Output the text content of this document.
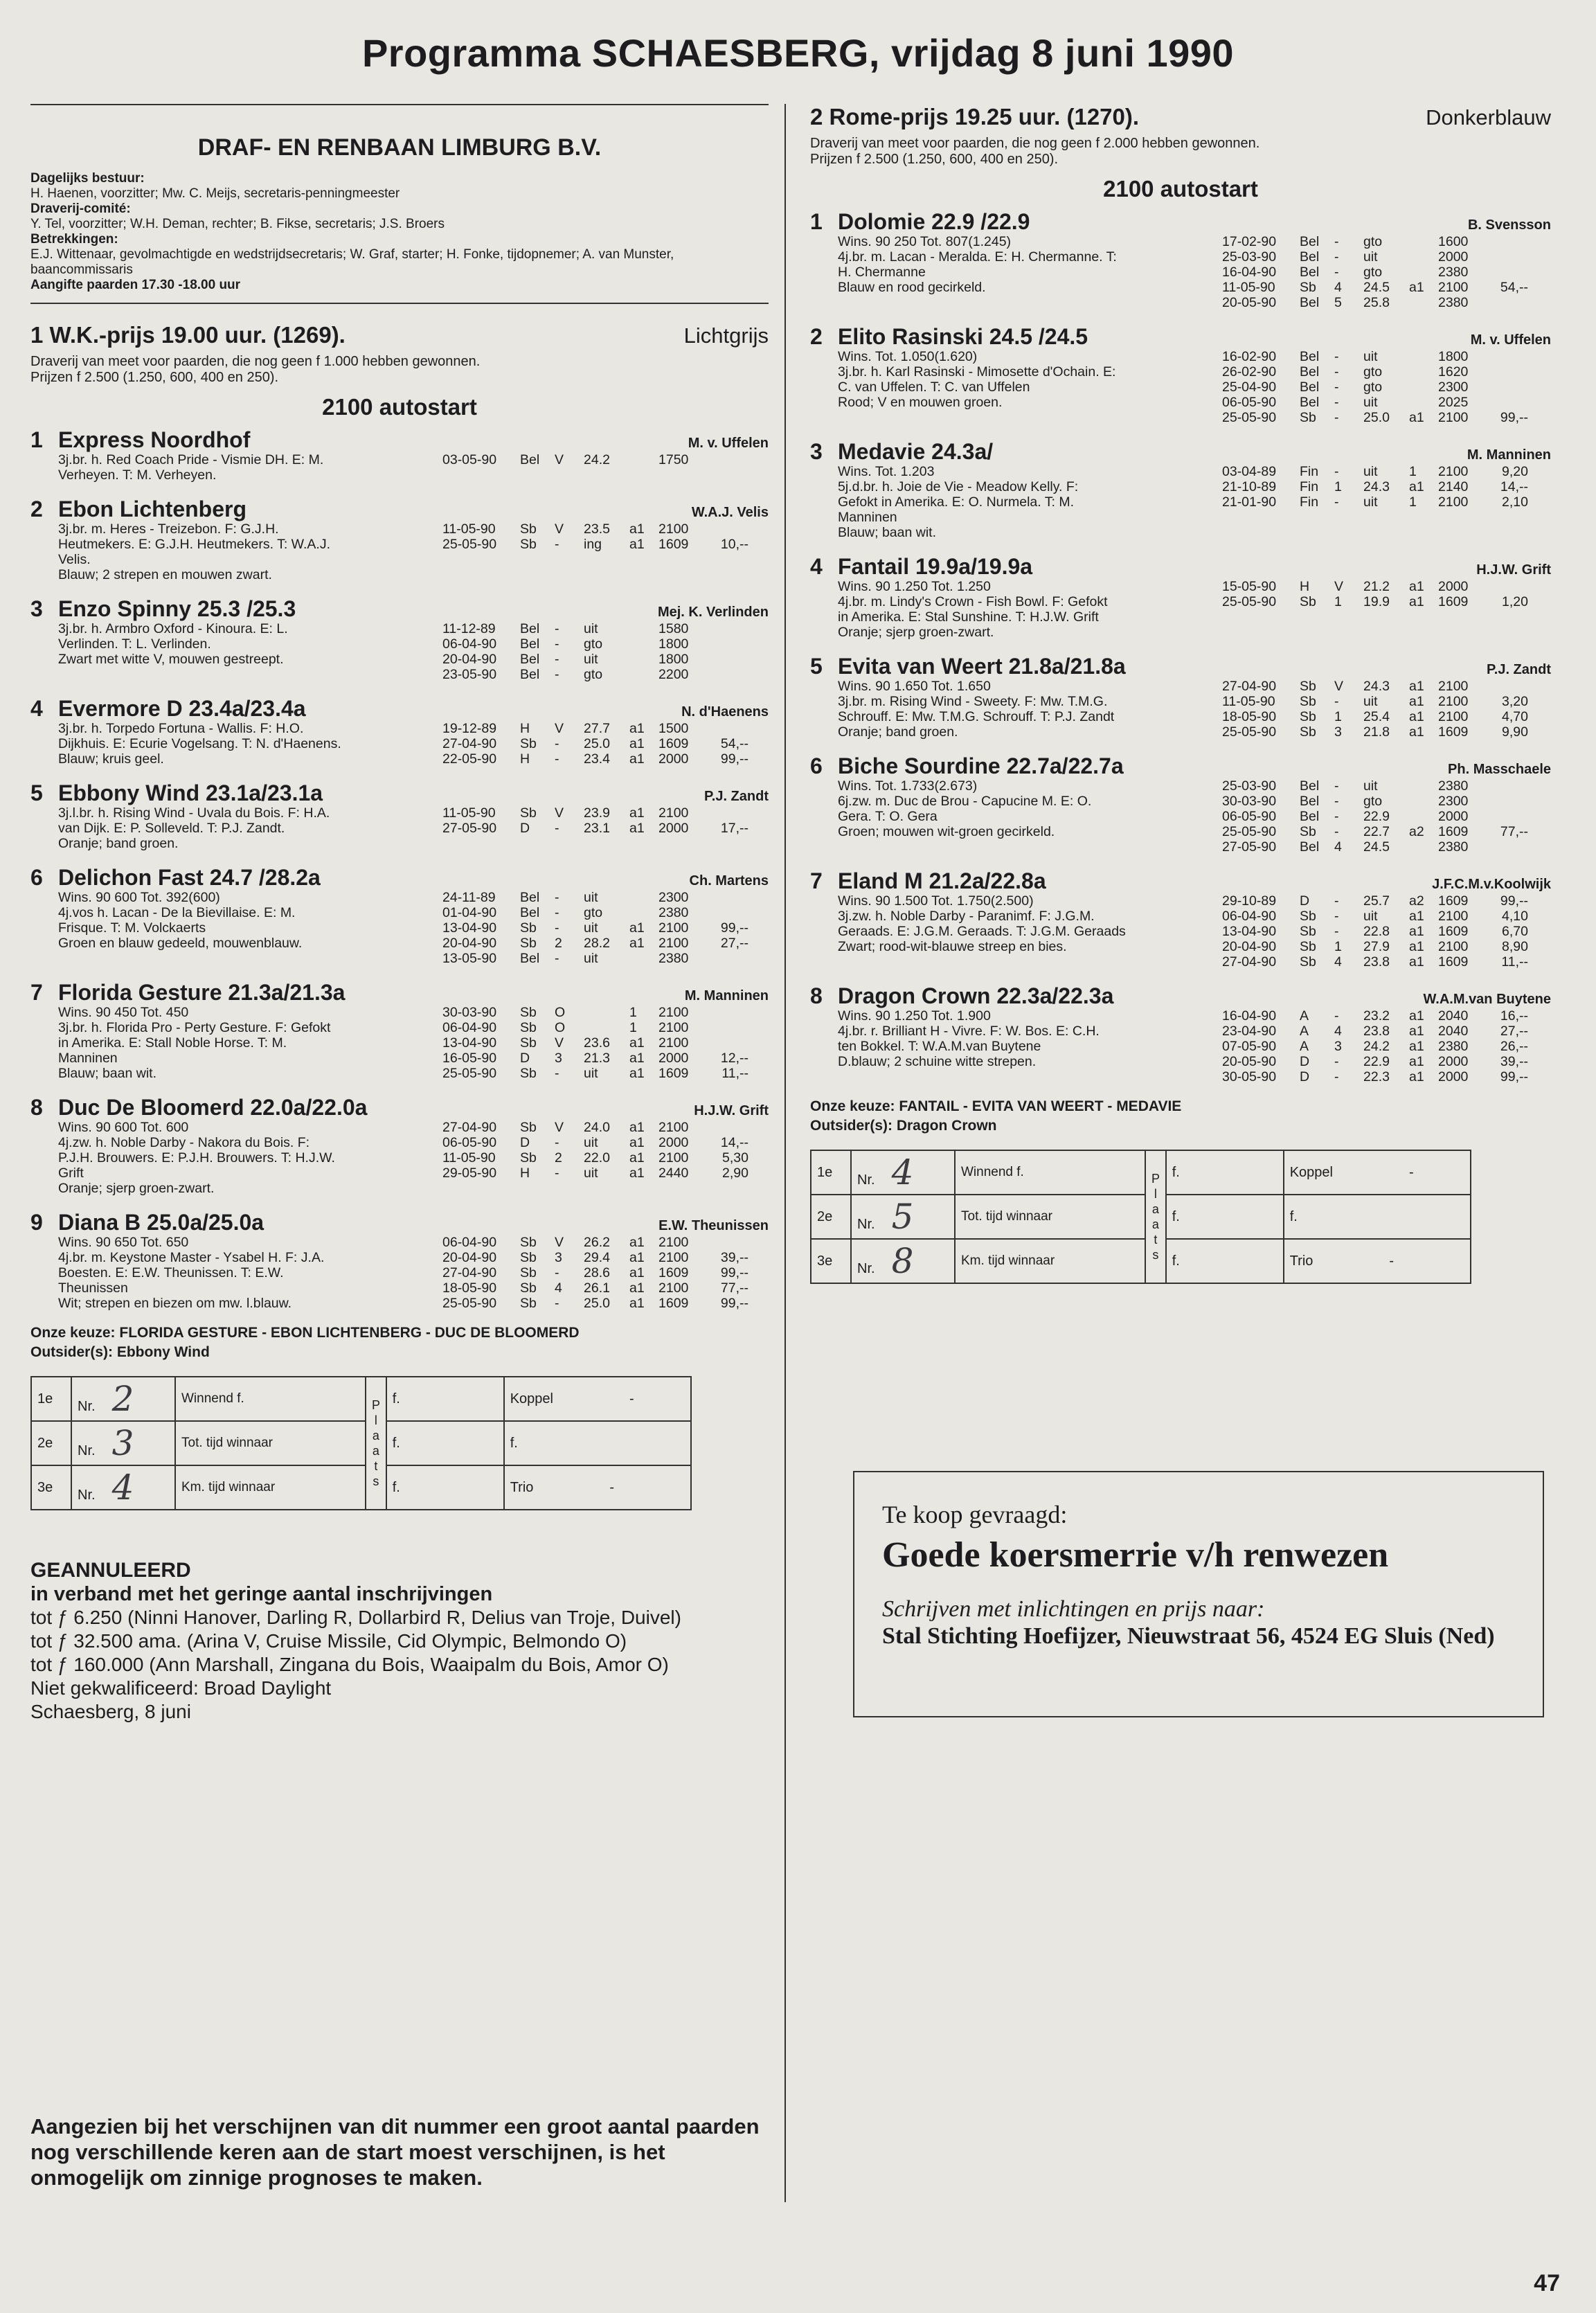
Programma SCHAESBERG, vrijdag 8 juni 1990
DRAF- EN RENBAAN LIMBURG B.V.
Dagelijks bestuur:
H. Haenen, voorzitter; Mw. C. Meijs, secretaris-penningmeester
Draverij-comité:
Y. Tel, voorzitter; W.H. Deman, rechter; B. Fikse, secretaris; J.S. Broers
Betrekkingen:
E.J. Wittenaar, gevolmachtigde en wedstrijdsecretaris; W. Graf, starter; H. Fonke, tijdopnemer; A. van Munster, baancommissaris
Aangifte paarden 17.30 -18.00 uur
1 W.K.-prijs 19.00 uur. (1269).	Lichtgrijs
Draverij van meet voor paarden, die nog geen f 1.000 hebben gewonnen.
Prijzen f 2.500 (1.250, 600, 400 en 250).
2100 autostart
1 Express Noordhof	M. v. Uffelen
3j.br. h. Red Coach Pride - Vismie DH. E: M.
Verheyen. T: M. Verheyen.
03-05-90	Bel	V	24.2	1750
2 Ebon Lichtenberg	W.A.J. Velis
3j.br. m. Heres - Treizebon. F: G.J.H.
Heutmekers. E: G.J.H. Heutmekers. T: W.A.J.
Velis.
Blauw; 2 strepen en mouwen zwart.
11-05-90	Sb	V	23.5	a1	2100
25-05-90	Sb	-	ing	a1	1609	10,--
3 Enzo Spinny 25.3 /25.3	Mej. K. Verlinden
3j.br. h. Armbro Oxford - Kinoura. E: L.
Verlinden. T: L. Verlinden.
Zwart met witte V, mouwen gestreept.
11-12-89	Bel	-	uit	1580
06-04-90	Bel	-	gto	1800
20-04-90	Bel	-	uit	1800
23-05-90	Bel	-	gto	2200
4 Evermore D 23.4a/23.4a	N. d'Haenens
3j.br. h. Torpedo Fortuna - Wallis. F: H.O.
Dijkhuis. E: Ecurie Vogelsang. T: N. d'Haenens.
Blauw; kruis geel.
19-12-89	H	V	27.7	a1	1500
27-04-90	Sb	-	25.0	a1	1609	54,--
22-05-90	H	-	23.4	a1	2000	99,--
5 Ebbony Wind 23.1a/23.1a	P.J. Zandt
3j.l.br. h. Rising Wind - Uvala du Bois. F: H.A.
van Dijk. E: P. Solleveld. T: P.J. Zandt.
Oranje; band groen.
11-05-90	Sb	V	23.9	a1	2100
27-05-90	D	-	23.1	a1	2000	17,--
6 Delichon Fast 24.7 /28.2a	Ch. Martens
Wins. 90 600 Tot. 392(600)
4j.vos h. Lacan - De la Bievillaise. E: M.
Frisque. T: M. Volckaerts
Groen en blauw gedeeld, mouwenblauw.
24-11-89	Bel	-	uit	2300
01-04-90	Bel	-	gto	2380
13-04-90	Sb	-	uit	a1	2100	99,--
20-04-90	Sb	2	28.2	a1	2100	27,--
13-05-90	Bel	-	uit	2380
7 Florida Gesture 21.3a/21.3a	M. Manninen
Wins. 90 450 Tot. 450
3j.br. h. Florida Pro - Perty Gesture. F: Gefokt
in Amerika. E: Stall Noble Horse. T: M.
Manninen
Blauw; baan wit.
30-03-90	Sb	O	1	2100
06-04-90	Sb	O	1	2100
13-04-90	Sb	V	23.6	a1	2100
16-05-90	D	3	21.3	a1	2000	12,--
25-05-90	Sb	-	uit	a1	1609	11,--
8 Duc De Bloomerd 22.0a/22.0a	H.J.W. Grift
Wins. 90 600 Tot. 600
4j.zw. h. Noble Darby - Nakora du Bois. F:
P.J.H. Brouwers. E: P.J.H. Brouwers. T: H.J.W.
Grift
Oranje; sjerp groen-zwart.
27-04-90	Sb	V	24.0	a1	2100
06-05-90	D	-	uit	a1	2000	14,--
11-05-90	Sb	2	22.0	a1	2100	5,30
29-05-90	H	-	uit	a1	2440	2,90
9 Diana B 25.0a/25.0a	E.W. Theunissen
Wins. 90 650 Tot. 650
4j.br. m. Keystone Master - Ysabel H. F: J.A.
Boesten. E: E.W. Theunissen. T: E.W.
Theunissen
Wit; strepen en biezen om mw. l.blauw.
06-04-90	Sb	V	26.2	a1	2100
20-04-90	Sb	3	29.4	a1	2100	39,--
27-04-90	Sb	-	28.6	a1	1609	99,--
18-05-90	Sb	4	26.1	a1	2100	77,--
25-05-90	Sb	-	25.0	a1	1609	99,--
Onze keuze: FLORIDA GESTURE - EBON LICHTENBERG - DUC DE BLOOMERD
Outsider(s): Ebbony Wind
1e	Nr. 2	Winnend f.	P l a a t s	f.	Koppel -
2e	Nr. 3	Tot. tijd winnaar		f.	f.
3e	Nr. 4	Km. tijd winnaar		f.	Trio -
GEANNULEERD
in verband met het geringe aantal inschrijvingen
tot ƒ 6.250 (Ninni Hanover, Darling R, Dollarbird R, Delius van Troje, Duivel)
tot ƒ 32.500 ama. (Arina V, Cruise Missile, Cid Olympic, Belmondo O)
tot ƒ 160.000 (Ann Marshall, Zingana du Bois, Waaipalm du Bois, Amor O)
Niet gekwalificeerd: Broad Daylight
Schaesberg, 8 juni
Aangezien bij het verschijnen van dit nummer een groot aantal paarden nog verschillende keren aan de start moest verschijnen, is het onmogelijk om zinnige prognoses te maken.
2 Rome-prijs 19.25 uur. (1270).	Donkerblauw
Draverij van meet voor paarden, die nog geen f 2.000 hebben gewonnen.
Prijzen f 2.500 (1.250, 600, 400 en 250).
2100 autostart
1 Dolomie 22.9 /22.9	B. Svensson
Wins. 90 250 Tot. 807(1.245)
4j.br. m. Lacan - Meralda. E: H. Chermanne. T:
H. Chermanne
Blauw en rood gecirkeld.
17-02-90	Bel	-	gto	1600
25-03-90	Bel	-	uit	2000
16-04-90	Bel	-	gto	2380
11-05-90	Sb	4	24.5	a1	2100	54,--
20-05-90	Bel	5	25.8	2380
2 Elito Rasinski 24.5 /24.5	M. v. Uffelen
Wins. Tot. 1.050(1.620)
3j.br. h. Karl Rasinski - Mimosette d'Ochain. E:
C. van Uffelen. T: C. van Uffelen
Rood; V en mouwen groen.
16-02-90	Bel	-	uit	1800
26-02-90	Bel	-	gto	1620
25-04-90	Bel	-	gto	2300
06-05-90	Bel	-	uit	2025
25-05-90	Sb	-	25.0	a1	2100	99,--
3 Medavie 24.3a/	M. Manninen
Wins. Tot. 1.203
5j.d.br. h. Joie de Vie - Meadow Kelly. F:
Gefokt in Amerika. E: O. Nurmela. T: M.
Manninen
Blauw; baan wit.
03-04-89	Fin	-	uit	1	2100	9,20
21-10-89	Fin	1	24.3	a1	2140	14,--
21-01-90	Fin	-	uit	1	2100	2,10
4 Fantail 19.9a/19.9a	H.J.W. Grift
Wins. 90 1.250 Tot. 1.250
4j.br. m. Lindy's Crown - Fish Bowl. F: Gefokt
in Amerika. E: Stal Sunshine. T: H.J.W. Grift
Oranje; sjerp groen-zwart.
15-05-90	H	V	21.2	a1	2000
25-05-90	Sb	1	19.9	a1	1609	1,20
5 Evita van Weert 21.8a/21.8a	P.J. Zandt
Wins. 90 1.650 Tot. 1.650
3j.br. m. Rising Wind - Sweety. F: Mw. T.M.G.
Schrouff. E: Mw. T.M.G. Schrouff. T: P.J. Zandt
Oranje; band groen.
27-04-90	Sb	V	24.3	a1	2100
11-05-90	Sb	-	uit	a1	2100	3,20
18-05-90	Sb	1	25.4	a1	2100	4,70
25-05-90	Sb	3	21.8	a1	1609	9,90
6 Biche Sourdine 22.7a/22.7a	Ph. Masschaele
Wins. Tot. 1.733(2.673)
6j.zw. m. Duc de Brou - Capucine M. E: O.
Gera. T: O. Gera
Groen; mouwen wit-groen gecirkeld.
25-03-90	Bel	-	uit	2380
30-03-90	Bel	-	gto	2300
06-05-90	Bel	-	22.9	2000
25-05-90	Sb	-	22.7	a2	1609	77,--
27-05-90	Bel	4	24.5	2380
7 Eland M 21.2a/22.8a	J.F.C.M.v.Koolwijk
Wins. 90 1.500 Tot. 1.750(2.500)
3j.zw. h. Noble Darby - Paranimf. F: J.G.M.
Geraads. E: J.G.M. Geraads. T: J.G.M. Geraads
Zwart; rood-wit-blauwe streep en bies.
29-10-89	D	-	25.7	a2	1609	99,--
06-04-90	Sb	-	uit	a1	2100	4,10
13-04-90	Sb	-	22.8	a1	1609	6,70
20-04-90	Sb	1	27.9	a1	2100	8,90
27-04-90	Sb	4	23.8	a1	1609	11,--
8 Dragon Crown 22.3a/22.3a	W.A.M.van Buytene
Wins. 90 1.250 Tot. 1.900
4j.br. r. Brilliant H - Vivre. F: W. Bos. E: C.H.
ten Bokkel. T: W.A.M.van Buytene
D.blauw; 2 schuine witte strepen.
16-04-90	A	-	23.2	a1	2040	16,--
23-04-90	A	4	23.8	a1	2040	27,--
07-05-90	A	3	24.2	a1	2380	26,--
20-05-90	D	-	22.9	a1	2000	39,--
30-05-90	D	-	22.3	a1	2000	99,--
Onze keuze: FANTAIL - EVITA VAN WEERT - MEDAVIE
Outsider(s): Dragon Crown
1e	Nr. 4	Winnend f.	P l a a t s	f.	Koppel -
2e	Nr. 5	Tot. tijd winnaar		f.	f.
3e	Nr. 8	Km. tijd winnaar		f.	Trio -
Te koop gevraagd:
Goede koersmerrie v/h renwezen
Schrijven met inlichtingen en prijs naar:
Stal Stichting Hoefijzer, Nieuwstraat 56, 4524 EG Sluis (Ned)
47
